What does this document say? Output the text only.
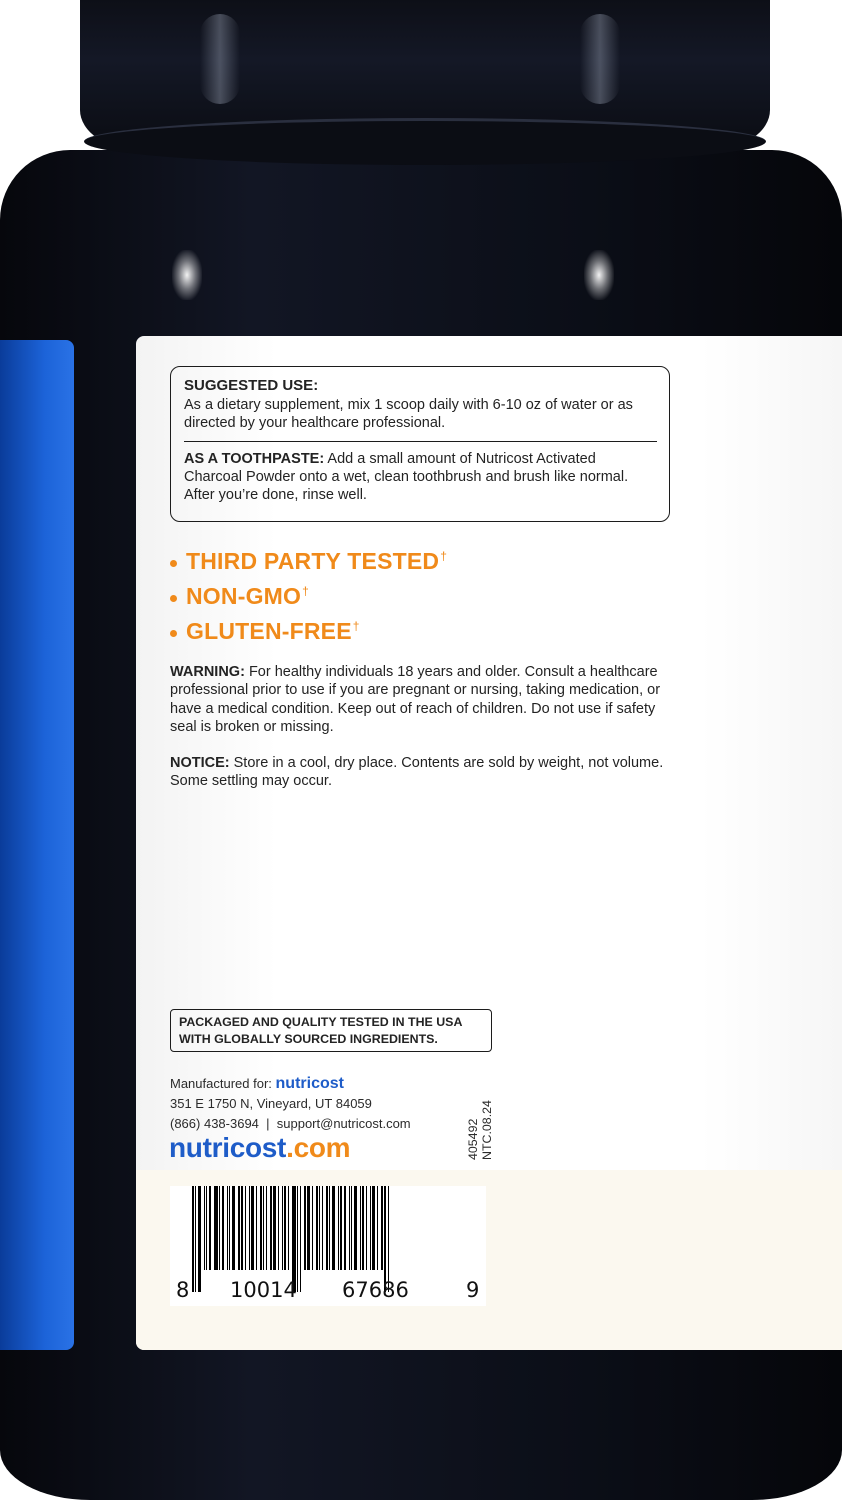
SUGGESTED USE:
As a dietary supplement, mix 1 scoop daily with 6-10 oz of water or as directed by your healthcare professional.
AS A TOOTHPASTE: Add a small amount of Nutricost Activated Charcoal Powder onto a wet, clean toothbrush and brush like normal. After you’re done, rinse well.
THIRD PARTY TESTED†
NON-GMO†
GLUTEN-FREE†
WARNING: For healthy individuals 18 years and older. Consult a healthcare professional prior to use if you are pregnant or nursing, taking medication, or have a medical condition. Keep out of reach of children. Do not use if safety seal is broken or missing.
NOTICE: Store in a cool, dry place. Contents are sold by weight, not volume. Some settling may occur.
PACKAGED AND QUALITY TESTED IN THE USA
WITH GLOBALLY SOURCED INGREDIENTS.
Manufactured for: nutricost
351 E 1750 N, Vineyard, UT 84059
(866) 438-3694 | support@nutricost.com
nutricost.com	405492 NTC.08.24
8 10014 67686	9
